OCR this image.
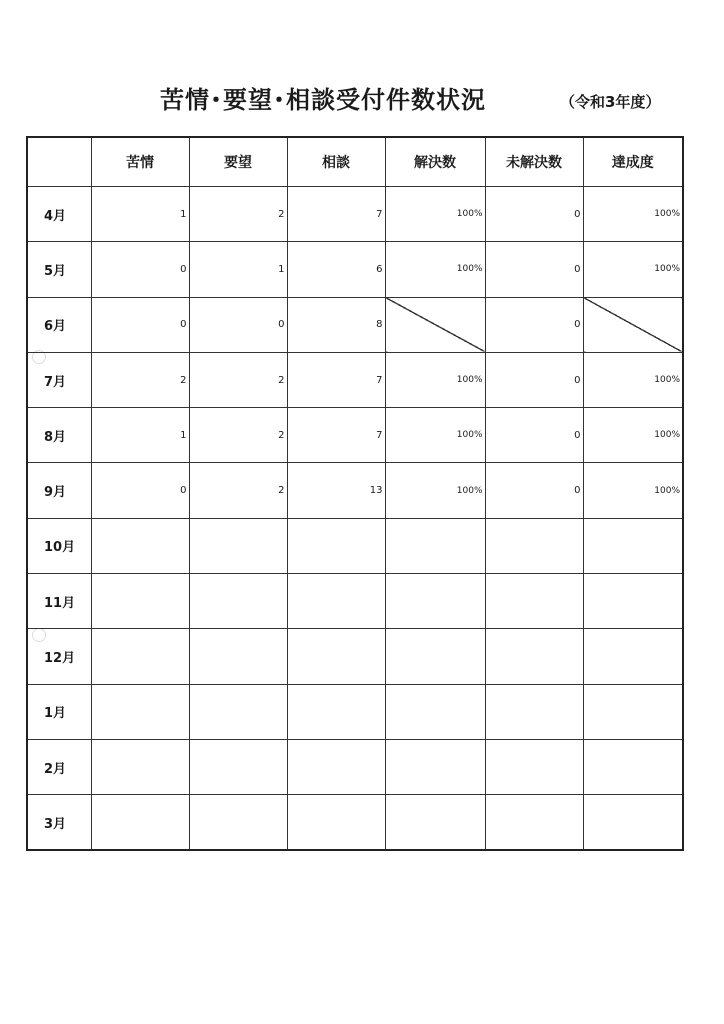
苦情･要望･相談受付件数状況	（令和3年度）
	苦情	要望	相談	解決数	未解決数	達成度
4月	1	2	7	100%	0	100%
5月	0	1	6	100%	0	100%
6月	0	0	8		0	
7月	2	2	7	100%	0	100%
8月	1	2	7	100%	0	100%
9月	0	2	13	100%	0	100%
10月						
11月						
12月						
1月						
2月						
3月						
